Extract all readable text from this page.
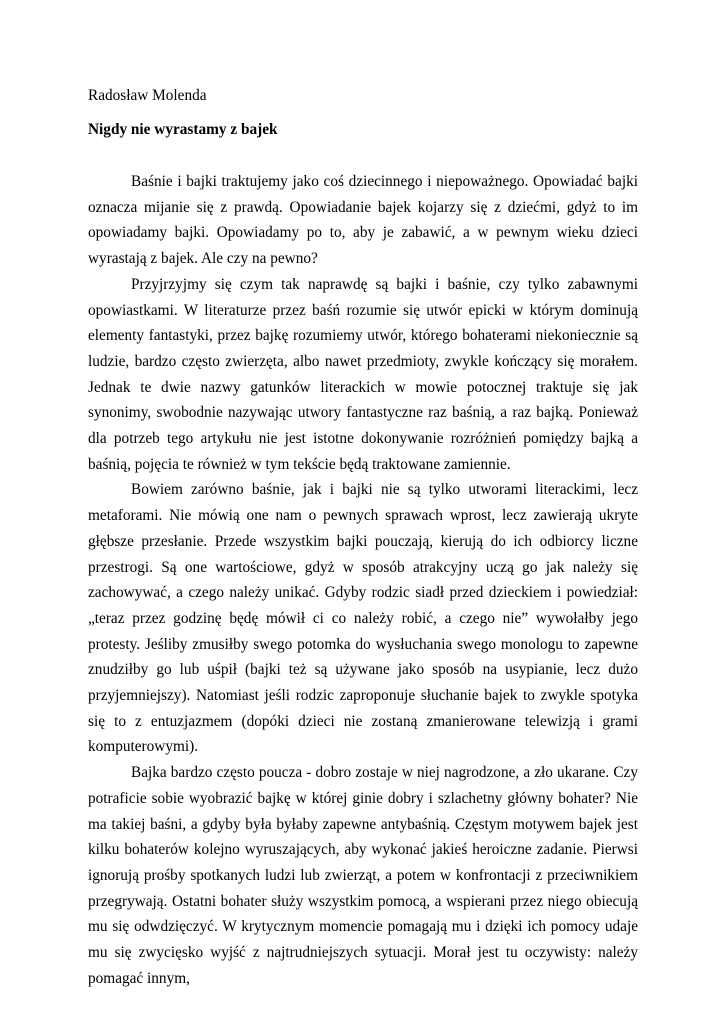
Radosław Molenda

Nigdy nie wyrastamy z bajek

Baśnie i bajki traktujemy jako coś dziecinnego i niepoważnego. Opowiadać bajki oznacza mijanie się z prawdą. Opowiadanie bajek kojarzy się z dziećmi, gdyż to im opowiadamy bajki. Opowiadamy po to, aby je zabawić, a w pewnym wieku dzieci wyrastają z bajek. Ale czy na pewno?

Przyjrzyjmy się czym tak naprawdę są bajki i baśnie, czy tylko zabawnymi opowiastkami. W literaturze przez baśń rozumie się utwór epicki w którym dominują elementy fantastyki, przez bajkę rozumiemy utwór, którego bohaterami niekoniecznie są ludzie, bardzo często zwierzęta, albo nawet przedmioty, zwykle kończący się morałem. Jednak te dwie nazwy gatunków literackich w mowie potocznej traktuje się jak synonimy, swobodnie nazywając utwory fantastyczne raz baśnią, a raz bajką. Ponieważ dla potrzeb tego artykułu nie jest istotne dokonywanie rozróżnień pomiędzy bajką a baśnią, pojęcia te również w tym tekście będą traktowane zamiennie.

Bowiem zarówno baśnie, jak i bajki nie są tylko utworami literackimi, lecz metaforami. Nie mówią one nam o pewnych sprawach wprost, lecz zawierają ukryte głębsze przesłanie. Przede wszystkim bajki pouczają, kierują do ich odbiorcy liczne przestrogi. Są one wartościowe, gdyż w sposób atrakcyjny uczą go jak należy się zachowywać, a czego należy unikać. Gdyby rodzic siadł przed dzieckiem i powiedział: „teraz przez godzinę będę mówił ci co należy robić, a czego nie” wywołałby jego protesty. Jeśliby zmusiłby swego potomka do wysłuchania swego monologu to zapewne znudziłby go lub uśpił (bajki też są używane jako sposób na usypianie, lecz dużo przyjemniejszy). Natomiast jeśli rodzic zaproponuje słuchanie bajek to zwykle spotyka się to z entuzjazmem (dopóki dzieci nie zostaną zmanierowane telewizją i grami komputerowymi).

Bajka bardzo często poucza - dobro zostaje w niej nagrodzone, a zło ukarane. Czy potraficie sobie wyobrazić bajkę w której ginie dobry i szlachetny główny bohater? Nie ma takiej baśni, a gdyby była byłaby zapewne antybaśnią. Częstym motywem bajek jest kilku bohaterów kolejno wyruszających, aby wykonać jakieś heroiczne zadanie. Pierwsi ignorują prośby spotkanych ludzi lub zwierząt, a potem w konfrontacji z przeciwnikiem przegrywają. Ostatni bohater służy wszystkim pomocą, a wspierani przez niego obiecują mu się odwdzięczyć. W krytycznym momencie pomagają mu i dzięki ich pomocy udaje mu się zwycięsko wyjść z najtrudniejszych sytuacji. Morał jest tu oczywisty: należy pomagać innym,
